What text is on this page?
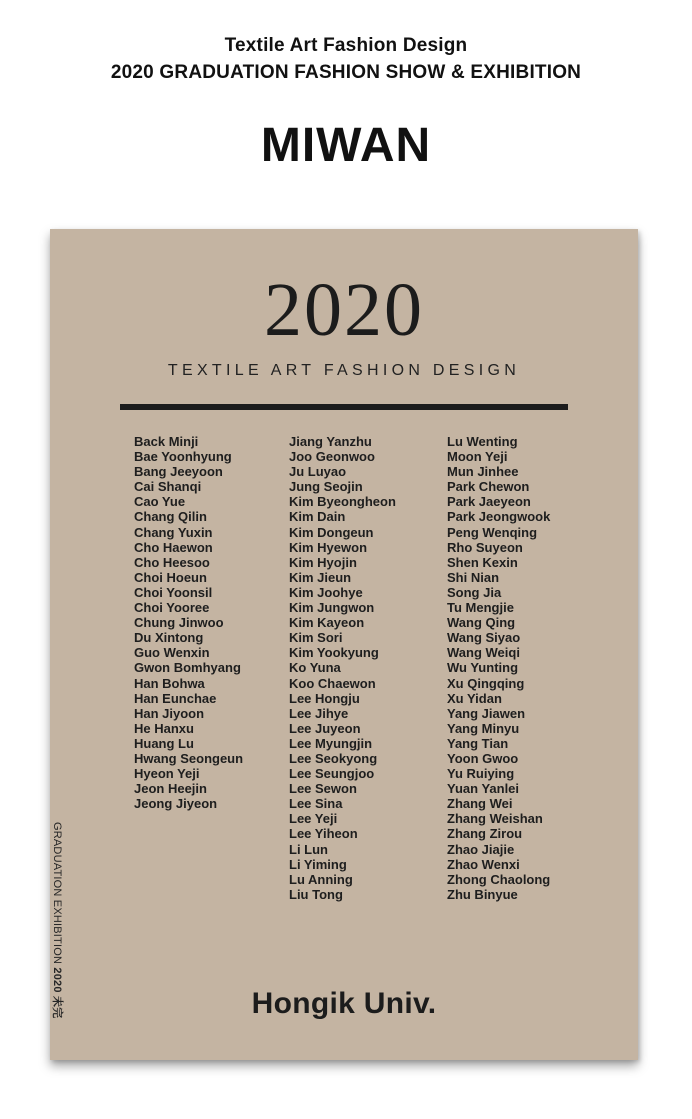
Textile Art Fashion Design
2020 GRADUATION FASHION SHOW & EXHIBITION
MIWAN
2020
TEXTILE ART FASHION DESIGN
Back Minji
Bae Yoonhyung
Bang Jeeyoon
Cai Shanqi
Cao Yue
Chang Qilin
Chang Yuxin
Cho Haewon
Cho Heesoo
Choi Hoeun
Choi Yoonsil
Choi Yooree
Chung Jinwoo
Du Xintong
Guo Wenxin
Gwon Bomhyang
Han Bohwa
Han Eunchae
Han Jiyoon
He Hanxu
Huang Lu
Hwang Seongeun
Hyeon Yeji
Jeon Heejin
Jeong Jiyeon
Jiang Yanzhu
Joo Geonwoo
Ju Luyao
Jung Seojin
Kim Byeongheon
Kim Dain
Kim Dongeun
Kim Hyewon
Kim Hyojin
Kim Jieun
Kim Joohye
Kim Jungwon
Kim Kayeon
Kim Sori
Kim Yookyung
Ko Yuna
Koo Chaewon
Lee Hongju
Lee Jihye
Lee Juyeon
Lee Myungjin
Lee Seokyong
Lee Seungjoo
Lee Sewon
Lee Sina
Lee Yeji
Lee Yiheon
Li Lun
Li Yiming
Lu Anning
Liu Tong
Lu Wenting
Moon Yeji
Mun Jinhee
Park Chewon
Park Jaeyeon
Park Jeongwook
Peng Wenqing
Rho Suyeon
Shen Kexin
Shi Nian
Song Jia
Tu Mengjie
Wang Qing
Wang Siyao
Wang Weiqi
Wu Yunting
Xu Qingqing
Xu Yidan
Yang Jiawen
Yang Minyu
Yang Tian
Yoon Gwoo
Yu Ruiying
Yuan Yanlei
Zhang Wei
Zhang Weishan
Zhang Zirou
Zhao Jiajie
Zhao Wenxi
Zhong Chaolong
Zhu Binyue
GRADUATION EXHIBITION 2020 未完	Hongik Univ.
